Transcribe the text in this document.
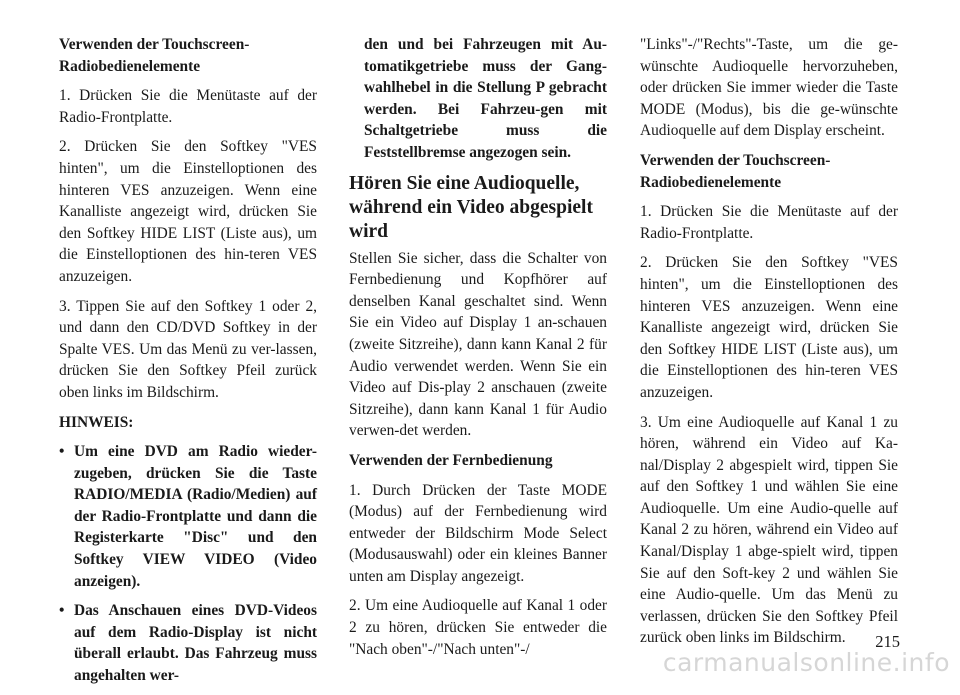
Verwenden der Touchscreen-Radiobedienelemente

1. Drücken Sie die Menütaste auf der Radio-Frontplatte.

2. Drücken Sie den Softkey "VES hinten", um die Einstelloptionen des hinteren VES anzuzeigen. Wenn eine Kanalliste angezeigt wird, drücken Sie den Softkey HIDE LIST (Liste aus), um die Einstelloptionen des hin-teren VES anzuzeigen.

3. Tippen Sie auf den Softkey 1 oder 2, und dann den CD/DVD Softkey in der Spalte VES. Um das Menü zu ver-lassen, drücken Sie den Softkey Pfeil zurück oben links im Bildschirm.

HINWEIS:

• Um eine DVD am Radio wieder-zugeben, drücken Sie die Taste RADIO/MEDIA (Radio/Medien) auf der Radio-Frontplatte und dann die Registerkarte "Disc" und den Softkey VIEW VIDEO (Video anzeigen).
• Das Anschauen eines DVD-Videos auf dem Radio-Display ist nicht überall erlaubt. Das Fahrzeug muss angehalten wer-

den und bei Fahrzeugen mit Au-tomatikgetriebe muss der Gang-wahlhebel in die Stellung P gebracht werden. Bei Fahrzeu-gen mit Schaltgetriebe muss die Feststellbremse angezogen sein.

Hören Sie eine Audioquelle, während ein Video abgespielt wird

Stellen Sie sicher, dass die Schalter von Fernbedienung und Kopfhörer auf denselben Kanal geschaltet sind. Wenn Sie ein Video auf Display 1 an-schauen (zweite Sitzreihe), dann kann Kanal 2 für Audio verwendet werden. Wenn Sie ein Video auf Dis-play 2 anschauen (zweite Sitzreihe), dann kann Kanal 1 für Audio verwen-det werden.

Verwenden der Fernbedienung

1. Durch Drücken der Taste MODE (Modus) auf der Fernbedienung wird entweder der Bildschirm Mode Select (Modusauswahl) oder ein kleines Banner unten am Display angezeigt.

2. Um eine Audioquelle auf Kanal 1 oder 2 zu hören, drücken Sie entweder die "Nach oben"-/"Nach unten"-/

"Links"-/"Rechts"-Taste, um die ge-wünschte Audioquelle hervorzuheben, oder drücken Sie immer wieder die Taste MODE (Modus), bis die ge-wünschte Audioquelle auf dem Display erscheint.

Verwenden der Touchscreen-Radiobedienelemente

1. Drücken Sie die Menütaste auf der Radio-Frontplatte.

2. Drücken Sie den Softkey "VES hinten", um die Einstelloptionen des hinteren VES anzuzeigen. Wenn eine Kanalliste angezeigt wird, drücken Sie den Softkey HIDE LIST (Liste aus), um die Einstelloptionen des hin-teren VES anzuzeigen.

3. Um eine Audioquelle auf Kanal 1 zu hören, während ein Video auf Ka-nal/Display 2 abgespielt wird, tippen Sie auf den Softkey 1 und wählen Sie eine Audioquelle. Um eine Audio-quelle auf Kanal 2 zu hören, während ein Video auf Kanal/Display 1 abge-spielt wird, tippen Sie auf den Soft-key 2 und wählen Sie eine Audio-quelle. Um das Menü zu verlassen, drücken Sie den Softkey Pfeil zurück oben links im Bildschirm.	215
carmanualsonline.info
